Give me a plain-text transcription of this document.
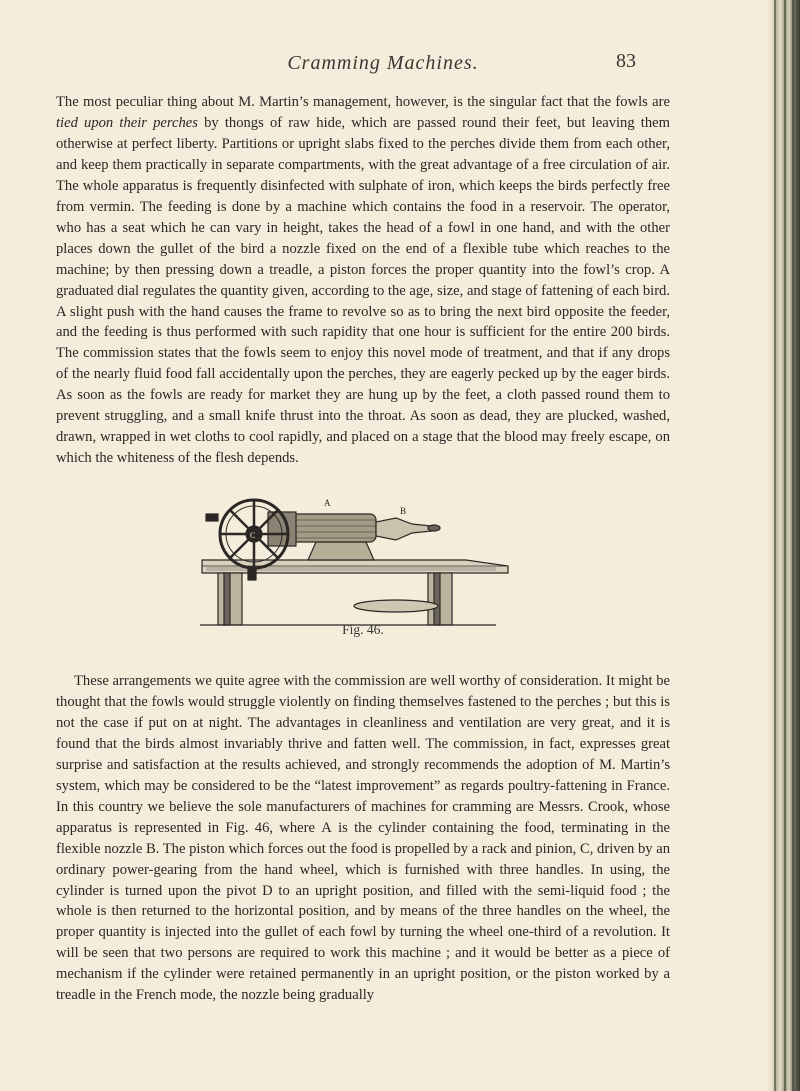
Cramming Machines.	83

The most peculiar thing about M. Martin’s management, however, is the singular fact that the fowls are tied upon their perches by thongs of raw hide, which are passed round their feet, but leaving them otherwise at perfect liberty. Partitions or upright slabs fixed to the perches divide them from each other, and keep them practically in separate compartments, with the great advantage of a free circulation of air. The whole apparatus is frequently disinfected with sulphate of iron, which keeps the birds perfectly free from vermin. The feeding is done by a machine which contains the food in a reservoir. The operator, who has a seat which he can vary in height, takes the head of a fowl in one hand, and with the other places down the gullet of the bird a nozzle fixed on the end of a flexible tube which reaches to the machine; by then pressing down a treadle, a piston forces the proper quantity into the fowl’s crop. A graduated dial regulates the quantity given, according to the age, size, and stage of fattening of each bird. A slight push with the hand causes the frame to revolve so as to bring the next bird opposite the feeder, and the feeding is thus performed with such rapidity that one hour is sufficient for the entire 200 birds. The commission states that the fowls seem to enjoy this novel mode of treatment, and that if any drops of the nearly fluid food fall accidentally upon the perches, they are eagerly pecked up by the eager birds. As soon as the fowls are ready for market they are hung up by the feet, a cloth passed round them to prevent struggling, and a small knife thrust into the throat. As soon as dead, they are plucked, washed, drawn, wrapped in wet cloths to cool rapidly, and placed on a stage that the blood may freely escape, on which the whiteness of the flesh depends.

A
B
C
Fig. 46.

These arrangements we quite agree with the commission are well worthy of consideration. It might be thought that the fowls would struggle violently on finding themselves fastened to the perches ; but this is not the case if put on at night. The advantages in cleanliness and ventilation are very great, and it is found that the birds almost invariably thrive and fatten well. The commission, in fact, expresses great surprise and satisfaction at the results achieved, and strongly recommends the adoption of M. Martin’s system, which may be considered to be the “latest improvement” as regards poultry-fattening in France. In this country we believe the sole manufacturers of machines for cramming are Messrs. Crook, whose apparatus is represented in Fig. 46, where A is the cylinder containing the food, terminating in the flexible nozzle B. The piston which forces out the food is propelled by a rack and pinion, C, driven by an ordinary power-gearing from the hand wheel, which is furnished with three handles. In using, the cylinder is turned upon the pivot D to an upright position, and filled with the semi-liquid food ; the whole is then returned to the horizontal position, and by means of the three handles on the wheel, the proper quantity is injected into the gullet of each fowl by turning the wheel one-third of a revolution. It will be seen that two persons are required to work this machine ; and it would be better as a piece of mechanism if the cylinder were retained permanently in an upright position, or the piston worked by a treadle in the French mode, the nozzle being gradually
